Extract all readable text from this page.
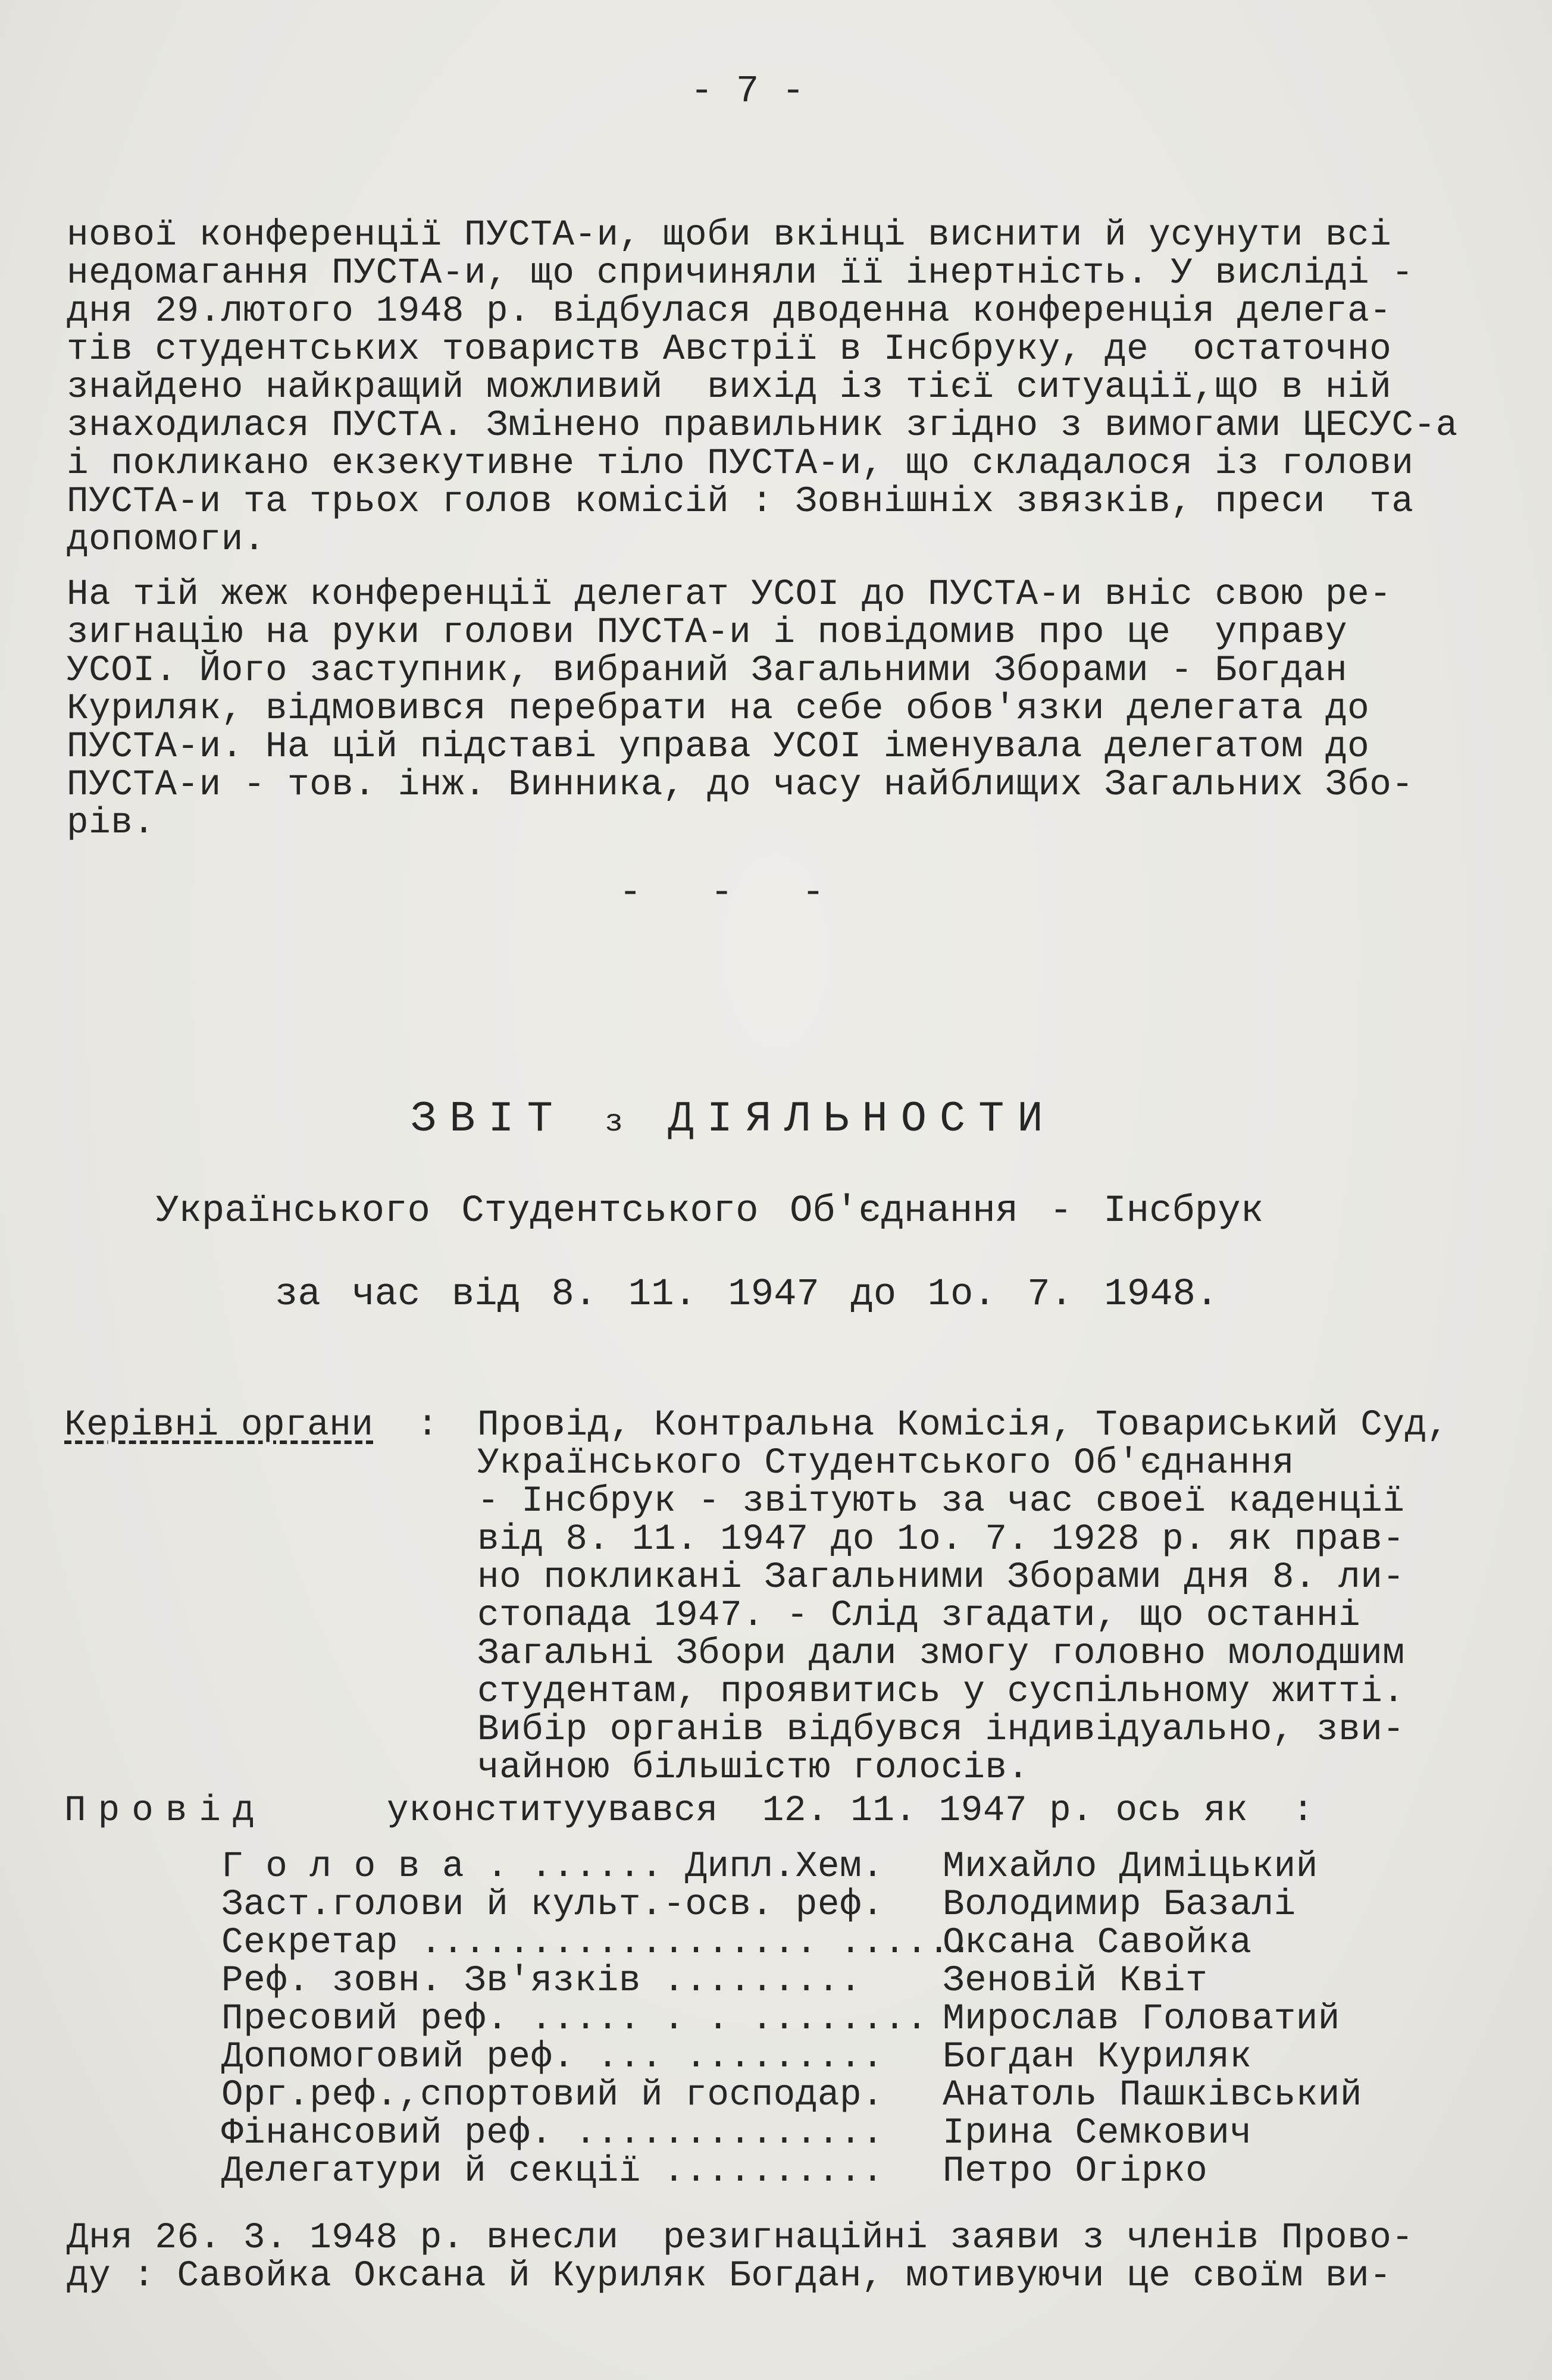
- 7 -
нової конференції ПУСТА-и, щоби вкінці виснити й усунути всі
недомагання ПУСТА-и, що спричиняли її інертність. У висліді -
дня 29.лютого 1948 р. відбулася дводенна конференція делега-
тів студентських товариств Австрії в Інсбруку, де  остаточно
знайдено найкращий можливий  вихід із тієї ситуації,що в ній
знаходилася ПУСТА. Змінено правильник згідно з вимогами ЦЕСУС-а
і покликано екзекутивне тіло ПУСТА-и, що складалося із голови
ПУСТА-и та трьох голов комісій : Зовнішніх звязків, преси  та
допомоги.
На тій жеж конференції делегат УСОІ до ПУСТА-и вніс свою ре-
зигнацію на руки голови ПУСТА-и і повідомив про це  управу
УСОІ. Його заступник, вибраний Загальними Зборами - Богдан
Куриляк, відмовився перебрати на себе обов'язки делегата до
ПУСТА-и. На цій підставі управа УСОІ іменувала делегатом до
ПУСТА-и - тов. інж. Винника, до часу найблищих Загальних Збо-
рів.
-   -   -
ЗВІТ з ДІЯЛЬНОСТИ
Українського Студентського Об'єднання - Інсбрук
за час від 8. 11. 1947 до 1о. 7. 1948.
Керівні органи : Провід, Контральна Комісія, Товариський Суд,
Українського Студентського Об'єднання
- Інсбрук - звітують за час своеї каденції
від 8. 11. 1947 до 1о. 7. 1928 р. як прав-
но покликані Загальними Зборами дня 8. ли-
стопада 1947. - Слід згадати, що останні
Загальні Збори дали змогу головно молодшим
студентам, проявитись у суспільному житті.
Вибір органів відбувся індивідуально, зви-
чайною більшістю голосів.
Провід	уконституувався  12. 11. 1947 р. ось як  :
Г о л о в а . ...... Дипл.Хем. Михайло Диміцький
Заст.голови й культ.-осв. реф. Володимир Базалі
Секретар .................. ......
Оксана Савойка
Реф. зовн. Зв'язків ......... Зеновій Квіт
Пресовий реф. ..... . . ........ Мирослав Головатий
Допомоговий реф. ... ......... Богдан Куриляк
Орг.реф.,спортовий й господар. Анатоль Пашківський
Фінансовий реф. .............. Ірина Семкович
Делегатури й секції .......... Петро Огірко
Дня 26. 3. 1948 р. внесли  резигнаційні заяви з членів Прово-
ду : Савойка Оксана й Куриляк Богдан, мотивуючи це своїм ви-
